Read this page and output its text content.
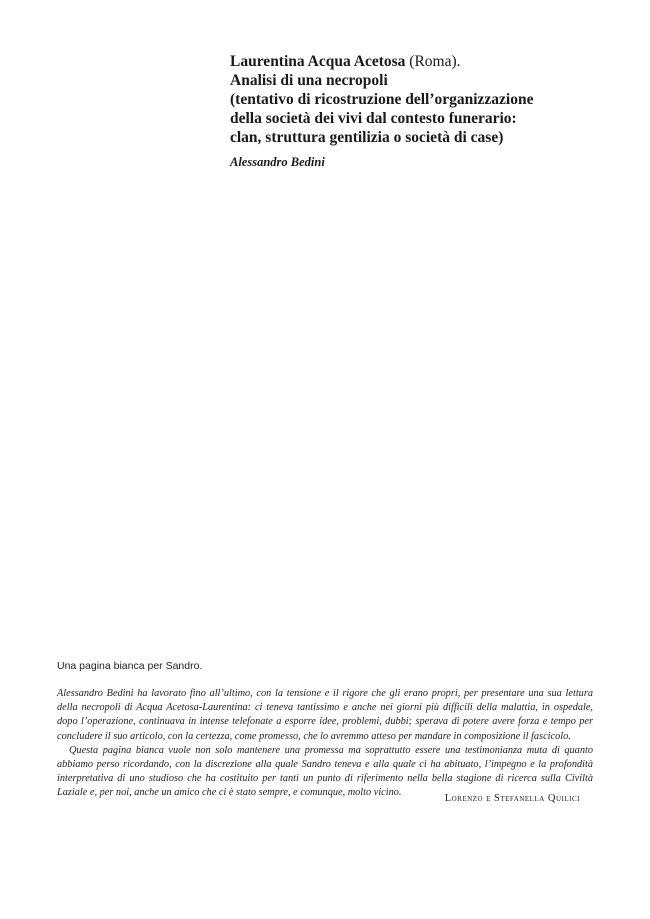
Laurentina Acqua Acetosa (Roma).
Analisi di una necropoli
(tentativo di ricostruzione dell’organizzazione
della società dei vivi dal contesto funerario:
clan, struttura gentilizia o società di case)
Alessandro Bedini
Una pagina bianca per Sandro.

Alessandro Bedini ha lavorato fino all’ultimo, con la tensione e il rigore che gli erano propri, per presentare una sua lettura della necropoli di Acqua Acetosa-Laurentina: ci teneva tantissimo e anche nei giorni più difficili della malattia, in ospedale, dopo l’operazione, continuava in intense telefonate a esporre idee, problemi, dubbi; sperava di potere avere forza e tempo per concludere il suo articolo, con la certezza, come promesso, che lo avremmo atteso per mandare in composizione il fascicolo.

Questa pagina bianca vuole non solo mantenere una promessa ma soprattutto essere una testimonianza muta di quanto abbiamo perso ricordando, con la discrezione alla quale Sandro teneva e alla quale ci ha abituato, l’impegno e la profondità interpretativa di uno studioso che ha costituito per tanti un punto di riferimento nella bella stagione di ricerca sulla Civiltà Laziale e, per noi, anche un amico che ci è stato sempre, e comunque, molto vicino.

Lorenzo e Stefanella Quilici
